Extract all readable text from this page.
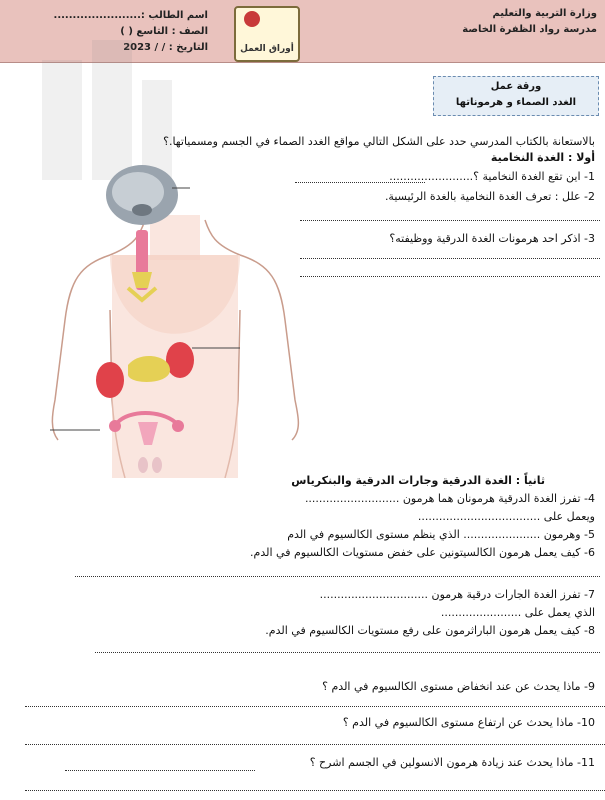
وزارة التربية والتعليم
مدرسة رواد الظفرة الخاصة
أوراق العمل
اسم الطالب :.......................
الصف : التاسع ( )
التاريخ : / / 2023
ورقة عمل
الغدد الصماء و هرموناتها
بالاستعانة بالكتاب المدرسي حدد على الشكل التالي مواقع الغدد الصماء في الجسم ومسمياتها.؟
أولا : الغدة النخامية
1- اين تقع الغدة النخامية ؟........................
2- علل : تعرف الغدة النخامية بالغدة الرئيسية.
3- اذكر احد هرمونات الغدة الدرقية ووظيفته؟
ثانياً : الغدة الدرقية وجارات الدرقية والبنكرياس
4- تفرز الغدة الدرقية هرمونان هما هرمون ...........................
ويعمل على ...................................
5- وهرمون ...................... الذي ينظم مستوى الكالسيوم في الدم
6- كيف يعمل هرمون الكالسيتونين على خفض مستويات الكالسيوم في الدم.
7- تفرز الغدة الجارات درقية هرمون ...............................
الذي يعمل على .......................
8- كيف يعمل هرمون الباراثرمون على رفع مستويات الكالسيوم في الدم.
9- ماذا يحدث عن عند انخفاض مستوى الكالسيوم في الدم ؟
10- ماذا يحدث عن ارتفاع مستوى الكالسيوم في الدم ؟
11- ماذا يحدث عند زيادة هرمون الانسولين في الجسم اشرح ؟
